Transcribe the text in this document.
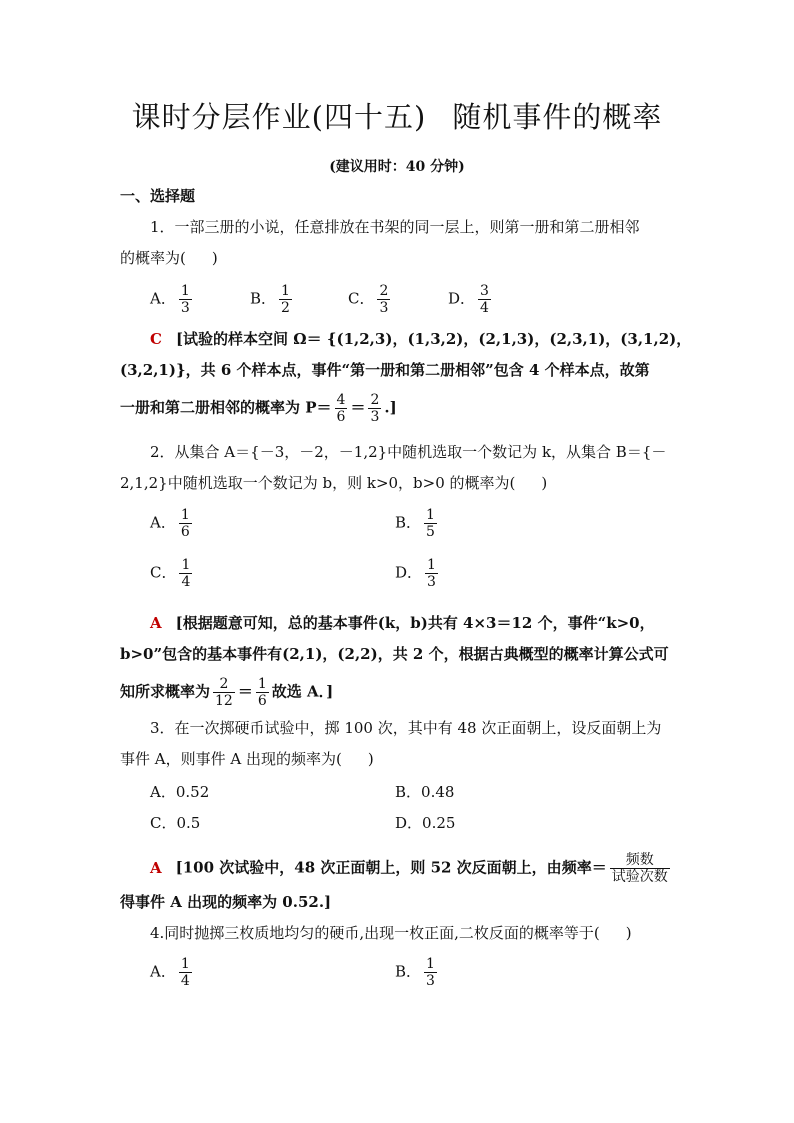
课时分层作业(四十五) 随机事件的概率
(建议用时：40 分钟)
一、选择题
1．一部三册的小说，任意排放在书架的同一层上，则第一册和第二册相邻
的概率为( )
A． $\frac{1}{3}$	B． $\frac{1}{2}$	C． $\frac{2}{3}$	D． $\frac{3}{4}$
C [试验的样本空间 Ω＝ {(1,2,3)，(1,3,2)，(2,1,3)，(2,3,1)，(3,1,2)，
(3,2,1)}，共 6 个样本点，事件“第一册和第二册相邻”包含 4 个样本点，故第
一册和第二册相邻的概率为 $P= \frac{4}{6} = \frac{2}{3}$ .]
2．从集合 A＝{－3，－2，－1,2}中随机选取一个数记为 k，从集合 B＝{－
2,1,2}中随机选取一个数记为 b，则 k>0，b>0 的概率为( )
A． $\frac{1}{6}$	B． $\frac{1}{5}$
C． $\frac{1}{4}$	D． $\frac{1}{3}$
A [根据题意可知，总的基本事件(k，b)共有 4×3＝12 个，事件“k>0，
b>0”包含的基本事件有(2,1)，(2,2)，共 2 个，根据古典概型的概率计算公式可
知所求概率为 $\frac{2}{12} = \frac{1}{6}$ 故选 A．]
3．在一次掷硬币试验中，掷 100 次，其中有 48 次正面朝上，设反面朝上为
事件 A，则事件 A 出现的频率为( )
A．0.52	B．0.48
C．0.5	D．0.25
A [100 次试验中，48 次正面朝上，则 52 次反面朝上，由频率＝ $\frac{\text{频数}}{\text{试验次数}}$
得事件 A 出现的频率为 0.52.]
4.同时抛掷三枚质地均匀的硬币,出现一枚正面,二枚反面的概率等于( )
A． $\frac{1}{4}$	B． $\frac{1}{3}$
